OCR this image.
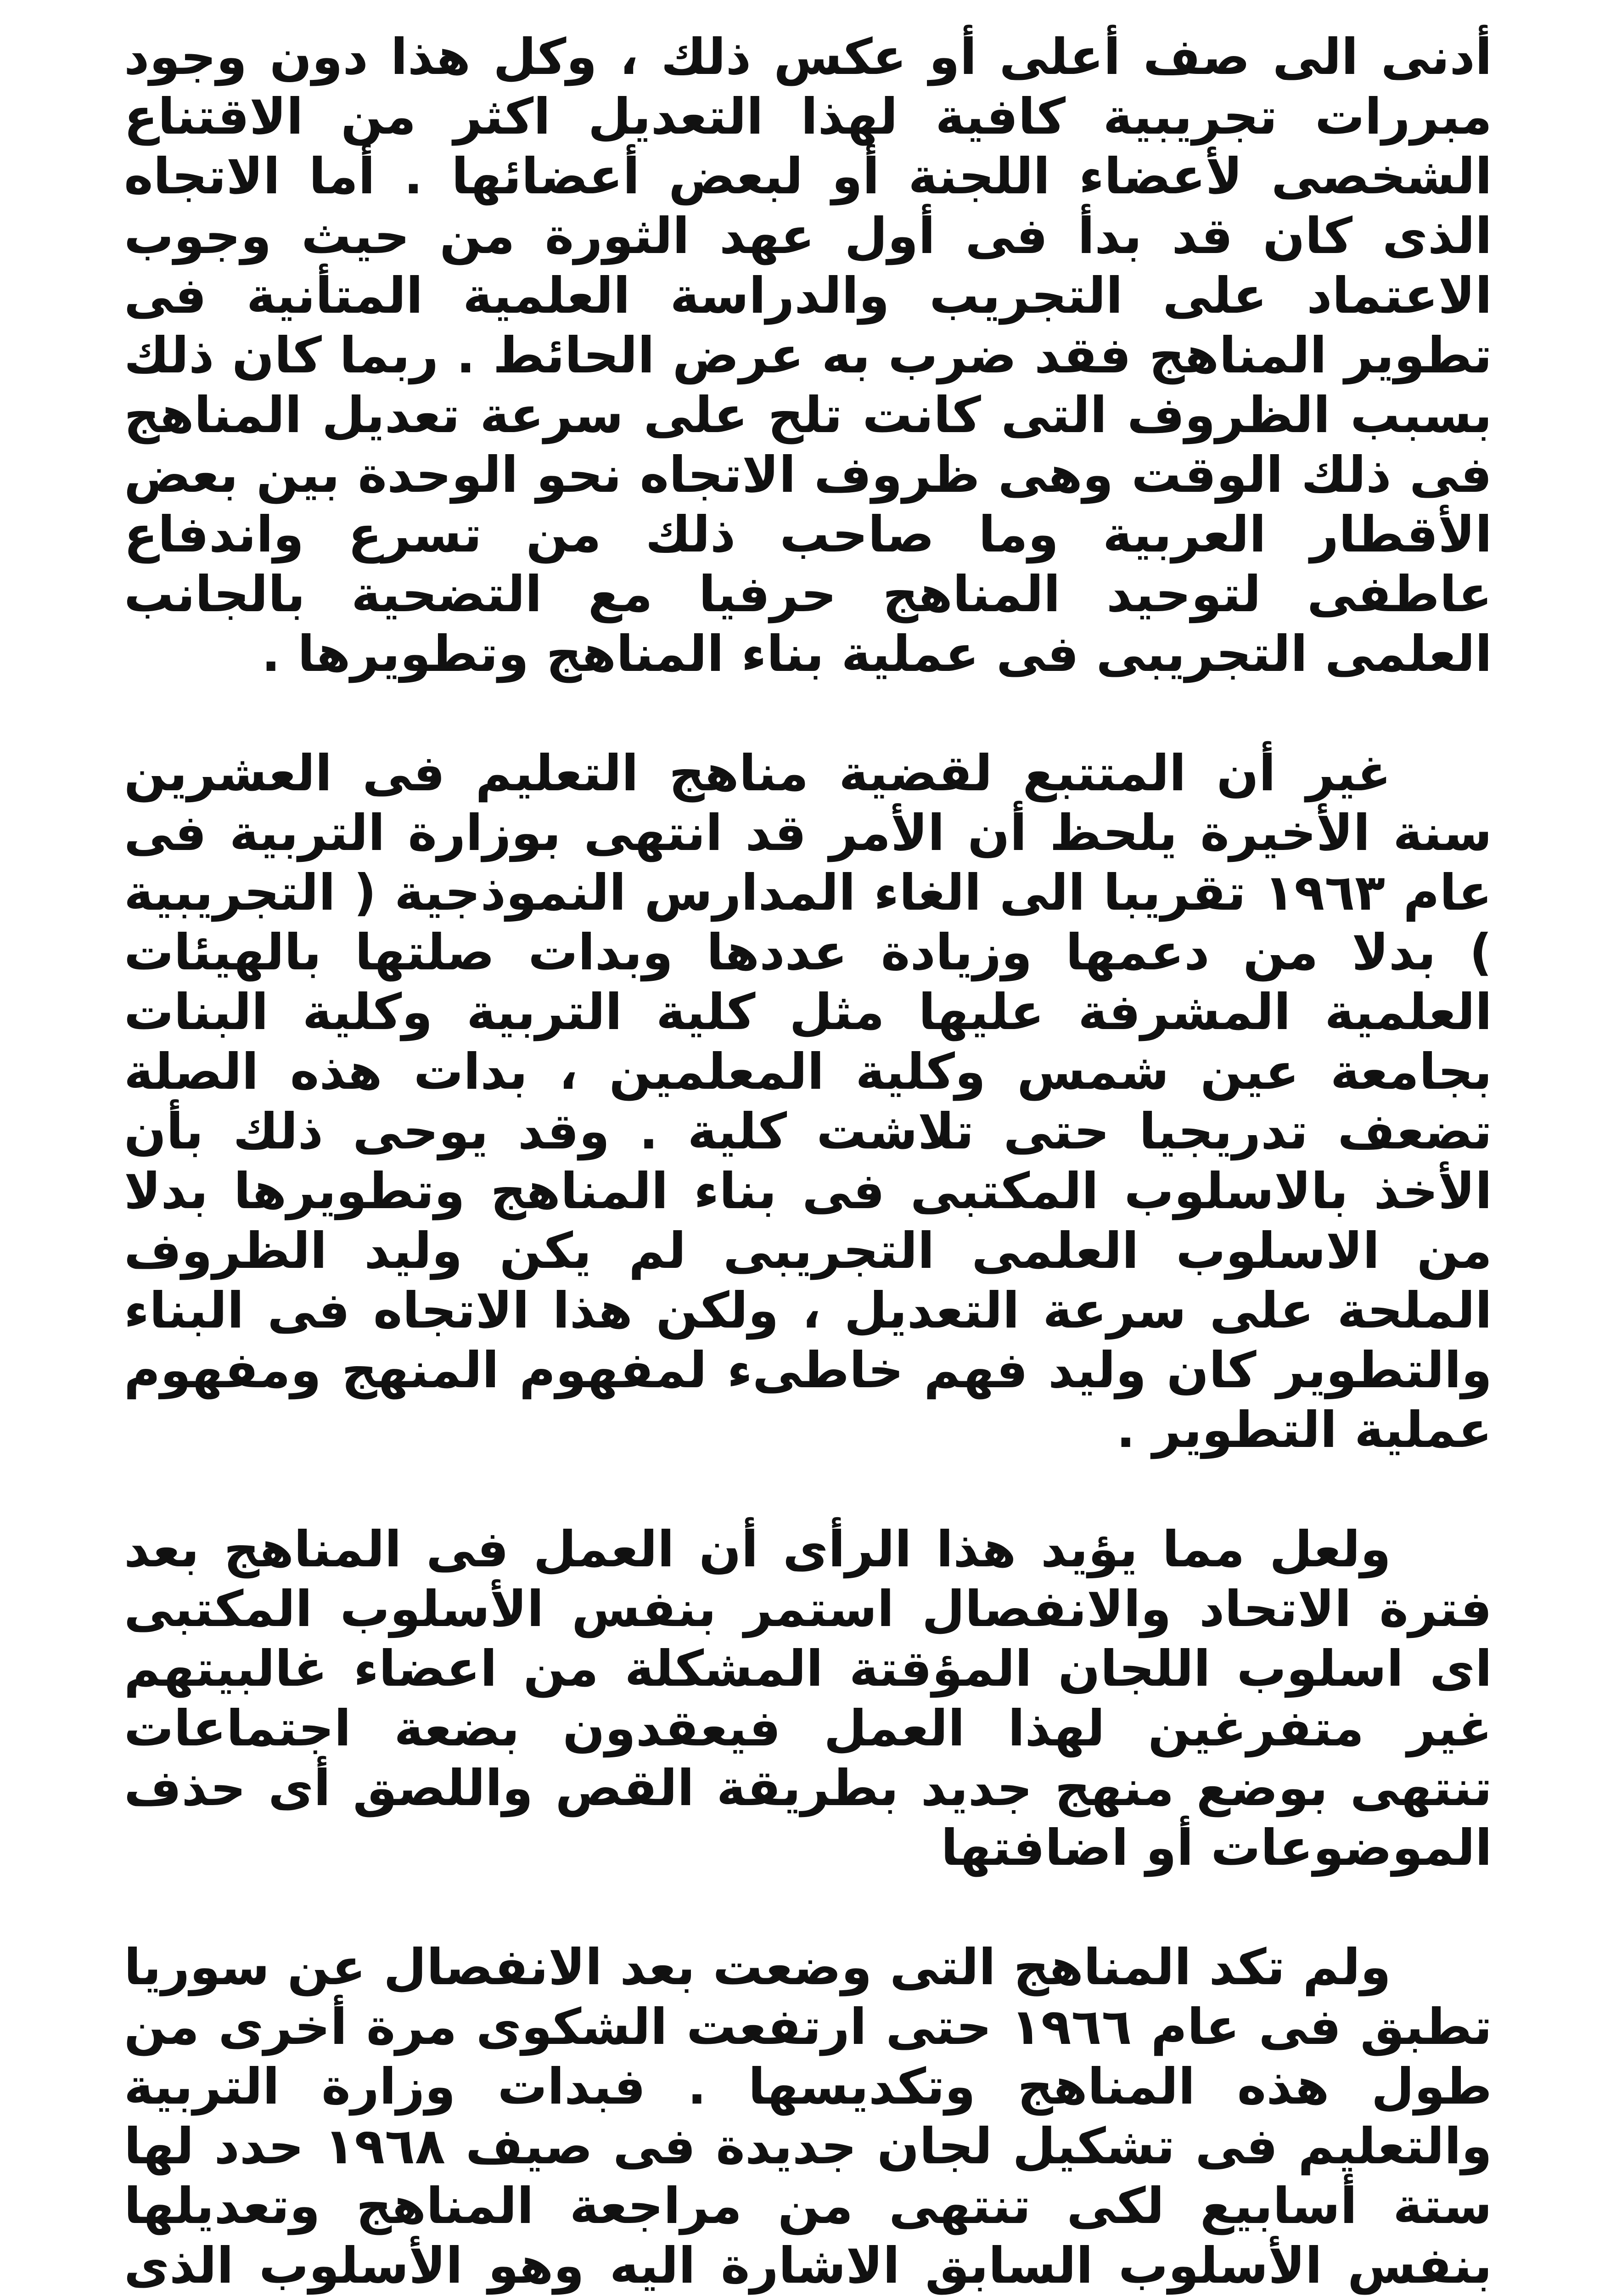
أدنى الى صف أعلى أو عكس ذلك ، وكل هذا دون وجود مبررات تجريبية كافية لهذا التعديل اكثر من الاقتناع الشخصى لأعضاء اللجنة أو لبعض أعضائها . أما الاتجاه الذى كان قد بدأ فى أول عهد الثورة من حيث وجوب الاعتماد على التجريب والدراسة العلمية المتأنية فى تطوير المناهج فقد ضرب به عرض الحائط . ربما كان ذلك بسبب الظروف التى كانت تلح على سرعة تعديل المناهج فى ذلك الوقت وهى ظروف الاتجاه نحو الوحدة بين بعض الأقطار العربية وما صاحب ذلك من تسرع واندفاع عاطفى لتوحيد المناهج حرفيا مع التضحية بالجانب العلمى التجريبى فى عملية بناء المناهج وتطويرها .

غير أن المتتبع لقضية مناهج التعليم فى العشرين سنة الأخيرة يلحظ أن الأمر قد انتهى بوزارة التربية فى عام ١٩٦٣ تقريبا الى الغاء المدارس النموذجية ( التجريبية ) بدلا من دعمها وزيادة عددها وبدات صلتها بالهيئات العلمية المشرفة عليها مثل كلية التربية وكلية البنات بجامعة عين شمس وكلية المعلمين ، بدات هذه الصلة تضعف تدريجيا حتى تلاشت كلية . وقد يوحى ذلك بأن الأخذ بالاسلوب المكتبى فى بناء المناهج وتطويرها بدلا من الاسلوب العلمى التجريبى لم يكن وليد الظروف الملحة على سرعة التعديل ، ولكن هذا الاتجاه فى البناء والتطوير كان وليد فهم خاطىء لمفهوم المنهج ومفهوم عملية التطوير .

ولعل مما يؤيد هذا الرأى أن العمل فى المناهج بعد فترة الاتحاد والانفصال استمر بنفس الأسلوب المكتبى اى اسلوب اللجان المؤقتة المشكلة من اعضاء غالبيتهم غير متفرغين لهذا العمل فيعقدون بضعة اجتماعات تنتهى بوضع منهج جديد بطريقة القص واللصق أى حذف الموضوعات أو اضافتها

ولم تكد المناهج التى وضعت بعد الانفصال عن سوريا تطبق فى عام ١٩٦٦ حتى ارتفعت الشكوى مرة أخرى من طول هذه المناهج وتكديسها . فبدات وزارة التربية والتعليم فى تشكيل لجان جديدة فى صيف ١٩٦٨ حدد لها ستة أسابيع لكى تنتهى من مراجعة المناهج وتعديلها بنفس الأسلوب السابق الاشارة اليه وهو الأسلوب الذى
